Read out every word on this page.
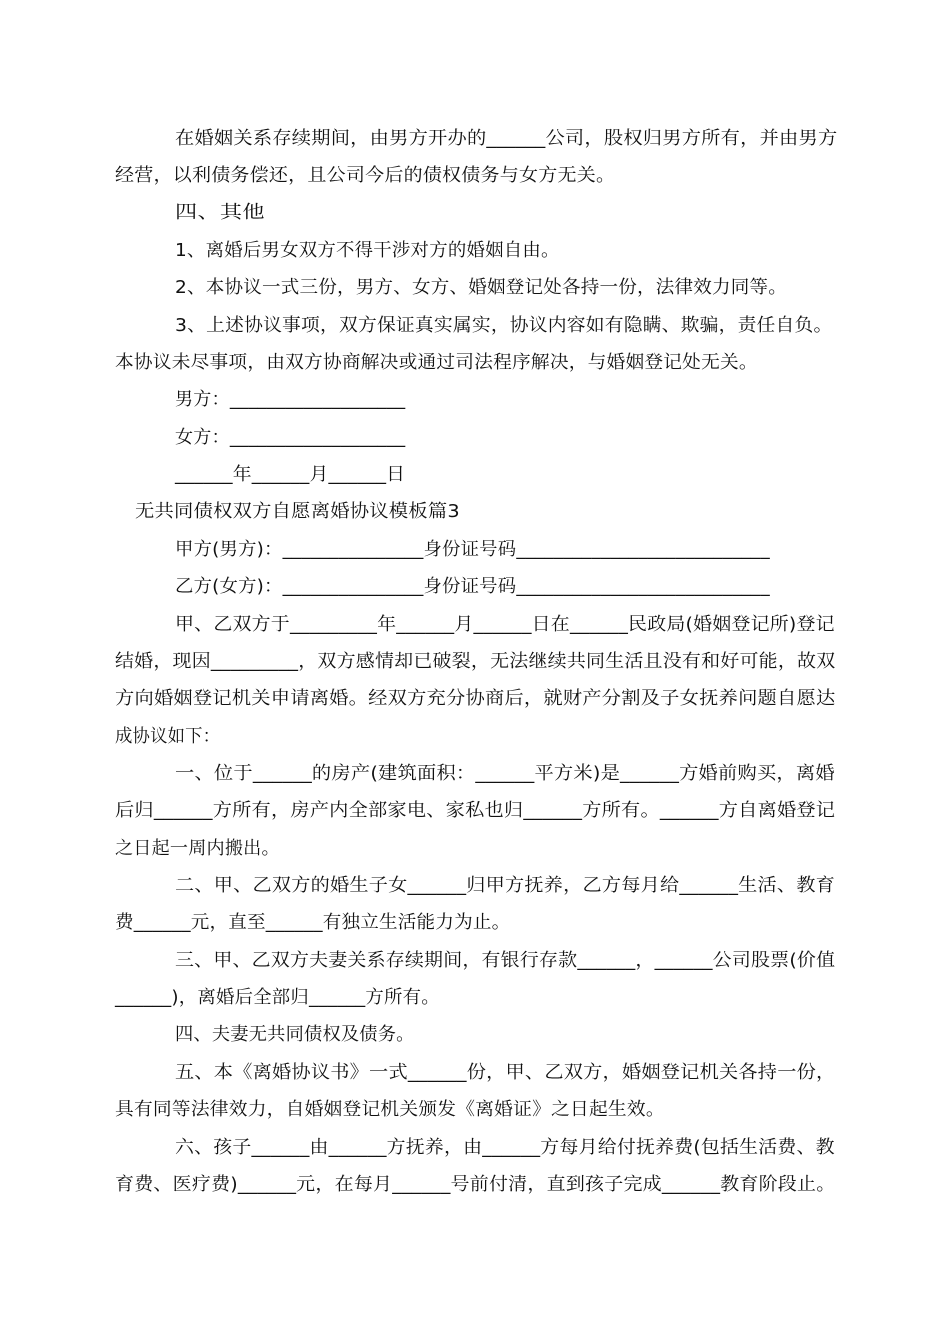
在婚姻关系存续期间，由男方开办的______公司，股权归男方所有，并由男方
经营，以利债务偿还，且公司今后的债权债务与女方无关。
四、其他
1、离婚后男女双方不得干涉对方的婚姻自由。
2、本协议一式三份，男方、女方、婚姻登记处各持一份，法律效力同等。
3、上述协议事项，双方保证真实属实，协议内容如有隐瞒、欺骗，责任自负。
本协议未尽事项，由双方协商解决或通过司法程序解决，与婚姻登记处无关。
男方：___________________
女方：___________________
______年______月______日
无共同债权双方自愿离婚协议模板篇3
甲方(男方)：_______________身份证号码___________________________
乙方(女方)：_______________身份证号码___________________________
甲、乙双方于_________年______月______日在______民政局(婚姻登记所)登记
结婚，现因_________，双方感情却已破裂，无法继续共同生活且没有和好可能，故双
方向婚姻登记机关申请离婚。经双方充分协商后，就财产分割及子女抚养问题自愿达
成协议如下：
一、位于______的房产(建筑面积：______平方米)是______方婚前购买，离婚
后归______方所有，房产内全部家电、家私也归______方所有。______方自离婚登记
之日起一周内搬出。
二、甲、乙双方的婚生子女______归甲方抚养，乙方每月给______生活、教育
费______元，直至______有独立生活能力为止。
三、甲、乙双方夫妻关系存续期间，有银行存款______，______公司股票(价值
______)，离婚后全部归______方所有。
四、夫妻无共同债权及债务。
五、本《离婚协议书》一式______份，甲、乙双方，婚姻登记机关各持一份，
具有同等法律效力，自婚姻登记机关颁发《离婚证》之日起生效。
六、孩子______由______方抚养，由______方每月给付抚养费(包括生活费、教
育费、医疗费)______元，在每月______号前付清，直到孩子完成______教育阶段止。
